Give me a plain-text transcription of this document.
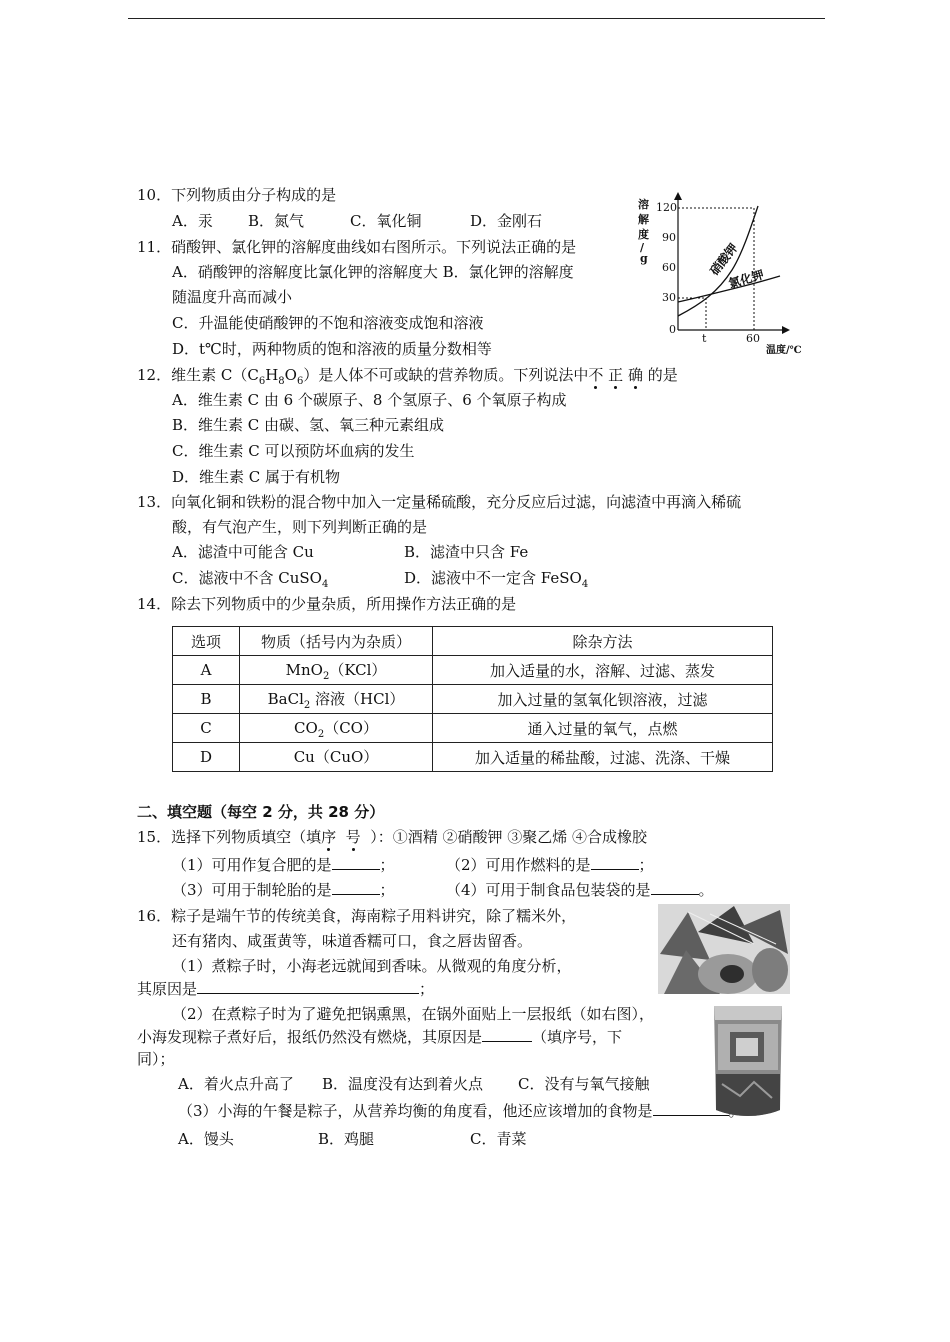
10．下列物质由分子构成的是
A．汞 B．氮气	C．氧化铜	D．金刚石
11．硝酸钾、氯化钾的溶解度曲线如右图所示。下列说法正确的是
A．硝酸钾的溶解度比氯化钾的溶解度大 B．氯化钾的溶解度
随温度升高而减小
C．升温能使硝酸钾的不饱和溶液变成饱和溶液
D．t℃时，两种物质的饱和溶液的质量分数相等
溶
解
度
/
g
120
90
60
30
0
t	60
温度/℃
硝酸钾
氯化钾
12．维生素 $C(C_6H_8O_6)$是人体不可或缺的营养物质。下列说法中不 正 确 的是
A．维生素 C 由 6 个碳原子、8 个氢原子、6 个氧原子构成
B．维生素 C 由碳、氢、氧三种元素组成
C．维生素 C 可以预防坏血病的发生
D．维生素 C 属于有机物
13．向氧化铜和铁粉的混合物中加入一定量稀硫酸，充分反应后过滤，向滤渣中再滴入稀硫
酸，有气泡产生，则下列判断正确的是
A．滤渣中可能含 Cu	B．滤渣中只含 Fe
C．滤液中不含 CuSO$_4$	D．滤液中不一定含 FeSO$_4$
14．除去下列物质中的少量杂质，所用操作方法正确的是
选项	物质（括号内为杂质）	除杂方法
A	MnO$_2$（KCl）	加入适量的水，溶解、过滤、蒸发
B	BaCl$_2$ 溶液（HCl）	加入过量的氢氧化钡溶液，过滤
C	$CO_2(CO)$	通入过量的氧气，点燃
D	Cu（CuO）	加入适量的稀盐酸，过滤、洗涤、干燥
二、填空题（每空 2 分，共 28 分）
15．选择下列物质填空（填序 号 ）：①酒精 ②硝酸钾 ③聚乙烯 ④合成橡胶
（1）可用作复合肥的是	；	（2）可用作燃料的是	；
（3）可用于制轮胎的是	；	（4）可用于制食品包装袋的是	。
16．粽子是端午节的传统美食，海南粽子用料讲究，除了糯米外，
还有猪肉、咸蛋黄等，味道香糯可口，食之唇齿留香。
（1）煮粽子时，小海老远就闻到香味。从微观的角度分析，
其原因是	；
（2）在煮粽子时为了避免把锅熏黑，在锅外面贴上一层报纸（如右图），
小海发现粽子煮好后，报纸仍然没有燃烧，其原因是	（填序号，下
同）；
A．着火点升高了 B．温度没有达到着火点 C．没有与氧气接触
（3）小海的午餐是粽子，从营养均衡的角度看，他还应该增加的食物是
A．馒头	B．鸡腿	C．青菜
